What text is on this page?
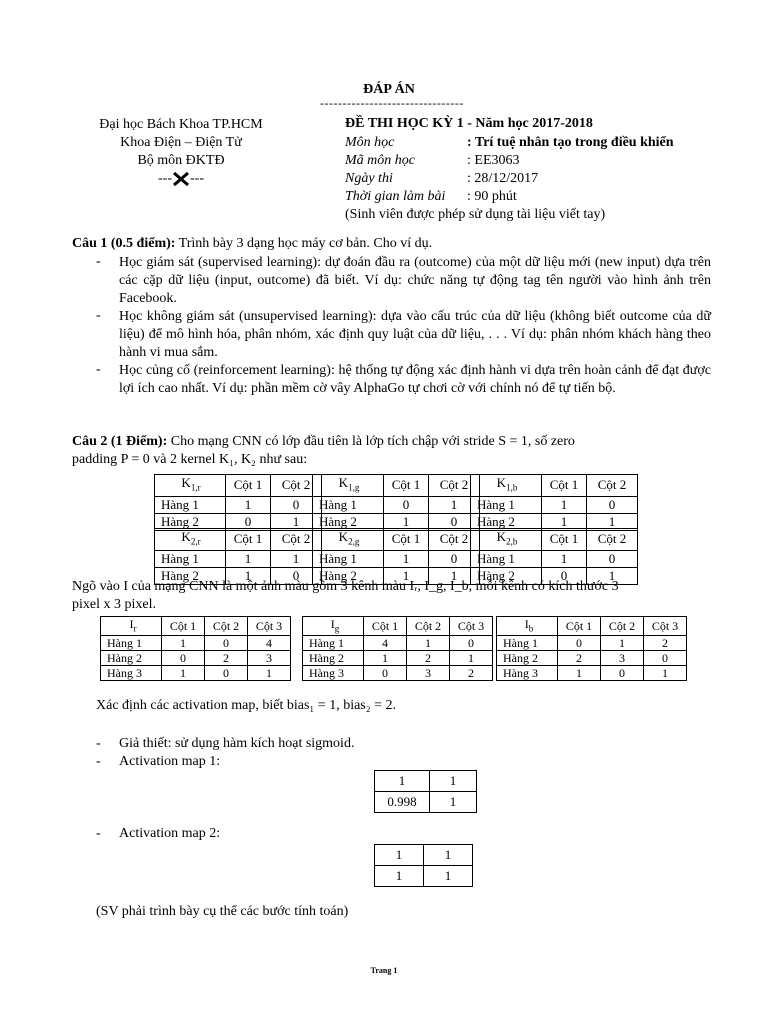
ĐÁP ÁN
--------------------------------
Đại học Bách Khoa TP.HCM
Khoa Điện – Điện Tử
Bộ môn ĐKTĐ
--- ---
ĐỀ THI HỌC KỲ 1 - Năm học 2017-2018
Môn học	: Trí tuệ nhân tạo trong điều khiển
Mã môn học	: EE3063
Ngày thi	: 28/12/2017
Thời gian làm bài : 90 phút
(Sinh viên được phép sử dụng tài liệu viết tay)
Câu 1 (0.5 điểm): Trình bày 3 dạng học máy cơ bản. Cho ví dụ.
- Học giám sát (supervised learning): dự đoán đầu ra (outcome) của một dữ liệu mới (new input) dựa trên các cặp dữ liệu (input, outcome) đã biết. Ví dụ: chức năng tự động tag tên người vào hình ảnh trên Facebook.
- Học không giám sát (unsupervised learning): dựa vào cấu trúc của dữ liệu (không biết outcome của dữ liệu) để mô hình hóa, phân nhóm, xác định quy luật của dữ liệu, . . . Ví dụ: phân nhóm khách hàng theo hành vi mua sắm.
- Học củng cố (reinforcement learning): hệ thống tự động xác định hành vi dựa trên hoàn cảnh để đạt được lợi ích cao nhất. Ví dụ: phần mềm cờ vây AlphaGo tự chơi cờ với chính nó để tự tiến bộ.
Câu 2 (1 Điểm): Cho mạng CNN có lớp đầu tiên là lớp tích chập với stride S = 1, số zero
padding P = 0 và 2 kernel K₁, K₂ như sau:
$K_{1,r}$	Cột 1	Cột 2
Hàng 1	1	0
Hàng 2	0	1
$K_{1,g}$	Cột 1	Cột 2
Hàng 1	0	1
Hàng 2	1	0
$K_{1,b}$	Cột 1	Cột 2
Hàng 1	1	0
Hàng 2	1	1
$K_{2,r}$	Cột 1	Cột 2
Hàng 1	1	1
Hàng 2	1	0
$K_{2,g}$	Cột 1	Cột 2
Hàng 1	1	0
Hàng 2	1	1
$K_{2,b}$	Cột 1	Cột 2
Hàng 1	1	0
Hàng 2	0	1
Ngõ vào I của mạng CNN là một ảnh màu gồm 3 kênh màu Iᵣ, I_g, I_b, mỗi kênh có kích thước 3
pixel x 3 pixel.
$I_r$	Cột 1	Cột 2	Cột 3
Hàng 1	1	0	4
Hàng 2	0	2	3
Hàng 3	1	0	1
$I_g$	Cột 1	Cột 2	Cột 3
Hàng 1	4	1	0
Hàng 2	1	2	1
Hàng 3	0	3	2
$I_b$	Cột 1	Cột 2	Cột 3
Hàng 1	0	1	2
Hàng 2	2	3	0
Hàng 3	1	0	1
Xác định các activation map, biết bias₁ = 1, bias₂ = 2.
- Giả thiết: sử dụng hàm kích hoạt sigmoid.
- Activation map 1:
1	1
0.998	1
- Activation map 2:
1	1
1	1
(SV phải trình bày cụ thể các bước tính toán)
Trang 1
